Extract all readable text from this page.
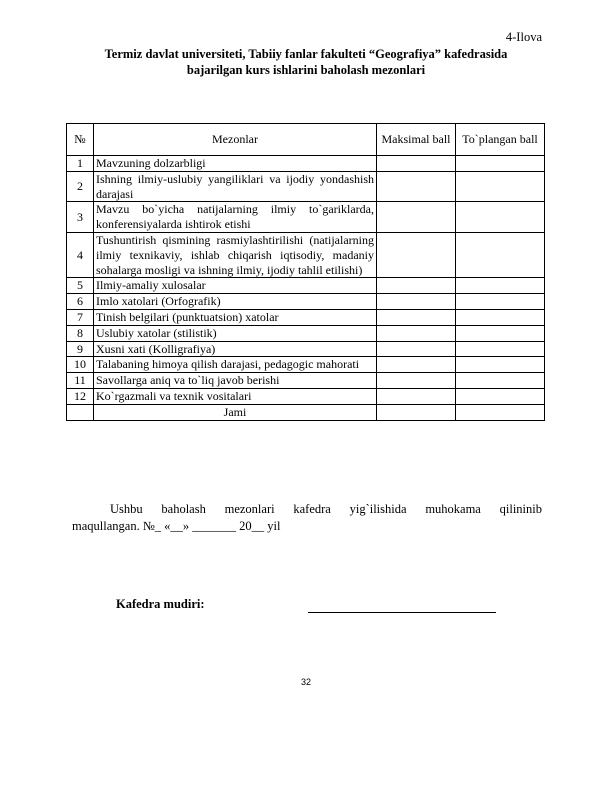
4-Ilova
Termiz davlat universiteti, Tabiiy fanlar fakulteti “Geografiya” kafedrasida
bajarilgan kurs ishlarini baholash mezonlari
№	Mezonlar	Maksimal ball	To`plangan ball
1	Mavzuning dolzarbligi		
2	Ishning ilmiy-uslubiy yangiliklari va ijodiy yondashish darajasi		
3	Mavzu bo`yicha natijalarning ilmiy to`gariklarda, konferensiyalarda ishtirok etishi		
4	Tushuntirish qismining rasmiylashtirilishi (natijalarning ilmiy texnikaviy, ishlab chiqarish iqtisodiy, madaniy sohalarga mosligi va ishning ilmiy, ijodiy tahlil etilishi)		
5	Ilmiy-amaliy xulosalar		
6	Imlo xatolari (Orfografik)		
7	Tinish belgilari (punktuatsion) xatolar		
8	Uslubiy xatolar (stilistik)		
9	Xusni xati (Kolligrafiya)		
10	Talabaning himoya qilish darajasi, pedagogic mahorati		
11	Savollarga aniq va to`liq javob berishi		
12	Ko`rgazmali va texnik vositalari		
	Jami		
Ushbu baholash mezonlari kafedra yig`ilishida muhokama qilininib
maqullangan. №_ «__» _______ 20__ yil
Kafedra mudiri:
32
